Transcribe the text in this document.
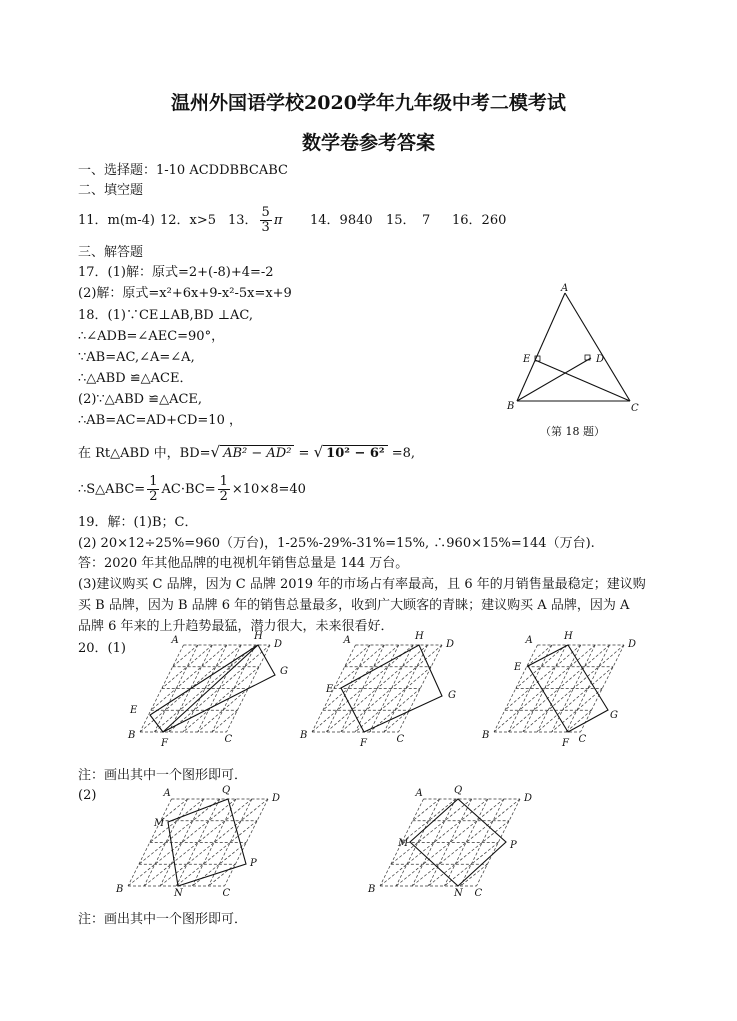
温州外国语学校2020学年九年级中考二模考试
数学卷参考答案
一、选择题：1-10 ACDDBBCABC
二、填空题
11．m(m-4) 12．x>5 13． $\frac{5}{3}$ π 14．9840 15．　7 16．260
三、解答题
17．(1)解：原式=2+(-8)+4=-2
(2)解：原式=x²+6x+9-x²-5x=x+9
18．(1)∵CE⊥AB,BD ⊥AC,
∴∠ADB=∠AEC=90°，
∵AB=AC,∠A=∠A,
∴△ABD ≌△ACE．
(2)∵△ABD ≌△ACE,
∴AB=AC=AD+CD=10 ，
在 Rt△ABD 中，BD=√ AB² − AD² = √ 10² − 6² =8,
∴S△ABC= $\frac{1}{2} AC\cdot BC= \frac{1}{2} \times 10\times 8=40$
A
B	C
D
E
（第 18 题）
19．解：(1)B；C．
(2) 20×12÷25%=960（万台)，1-25%-29%-31%=15%, ∴960×15%=144（万台).
答：2020 年其他品牌的电视机年销售总量是 144 万台。
(3)建议购买 C 品牌，因为 C 品牌 2019 年的市场占有率最高，且 6 年的月销售量最稳定；建议购
买 B 品牌，因为 B 品牌 6 年的销售总量最多，收到广大顾客的青睐；建议购买 A 品牌，因为 A
品牌 6 年来的上升趋势最猛，潜力很大，未来很看好．
20．(1)
A	D
B	C
E
F
G
H	A	D
B	C
E
F
G
H	A	D
B	C
E
F
G
H
注：画出其中一个图形即可．
(2)	A	D
B	C
M
N
P
Q	A	D
B	C
M
N
P
Q
注：画出其中一个图形即可．
